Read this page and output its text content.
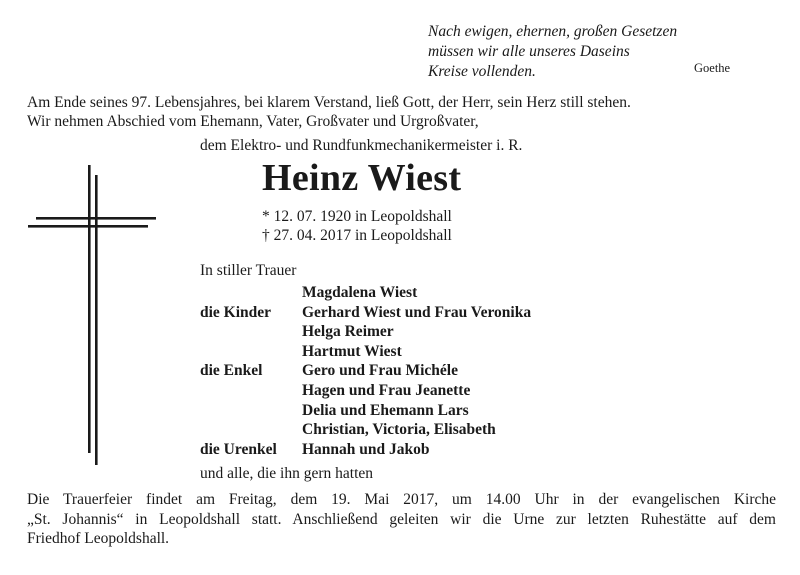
Nach ewigen, ehernen, großen Gesetzen
müssen wir alle unseres Daseins
Kreise vollenden.	Goethe
Am Ende seines 97. Lebensjahres, bei klarem Verstand, ließ Gott, der Herr, sein Herz still stehen.
Wir nehmen Abschied vom Ehemann, Vater, Großvater und Urgroßvater,
dem Elektro- und Rundfunkmechanikermeister i. R.
Heinz Wiest
* 12. 07. 1920 in Leopoldshall
† 27. 04. 2017 in Leopoldshall
In stiller Trauer
Magdalena Wiest
die Kinder Gerhard Wiest und Frau Veronika
Helga Reimer
Hartmut Wiest
die Enkel	Gero und Frau Michéle
Hagen und Frau Jeanette
Delia und Ehemann Lars
Christian, Victoria, Elisabeth
die Urenkel Hannah und Jakob
und alle, die ihn gern hatten
Die Trauerfeier findet am Freitag, dem 19. Mai 2017, um 14.00 Uhr in der evangelischen Kirche
„St. Johannis“ in Leopoldshall statt. Anschließend geleiten wir die Urne zur letzten Ruhestätte auf dem
Friedhof Leopoldshall.
